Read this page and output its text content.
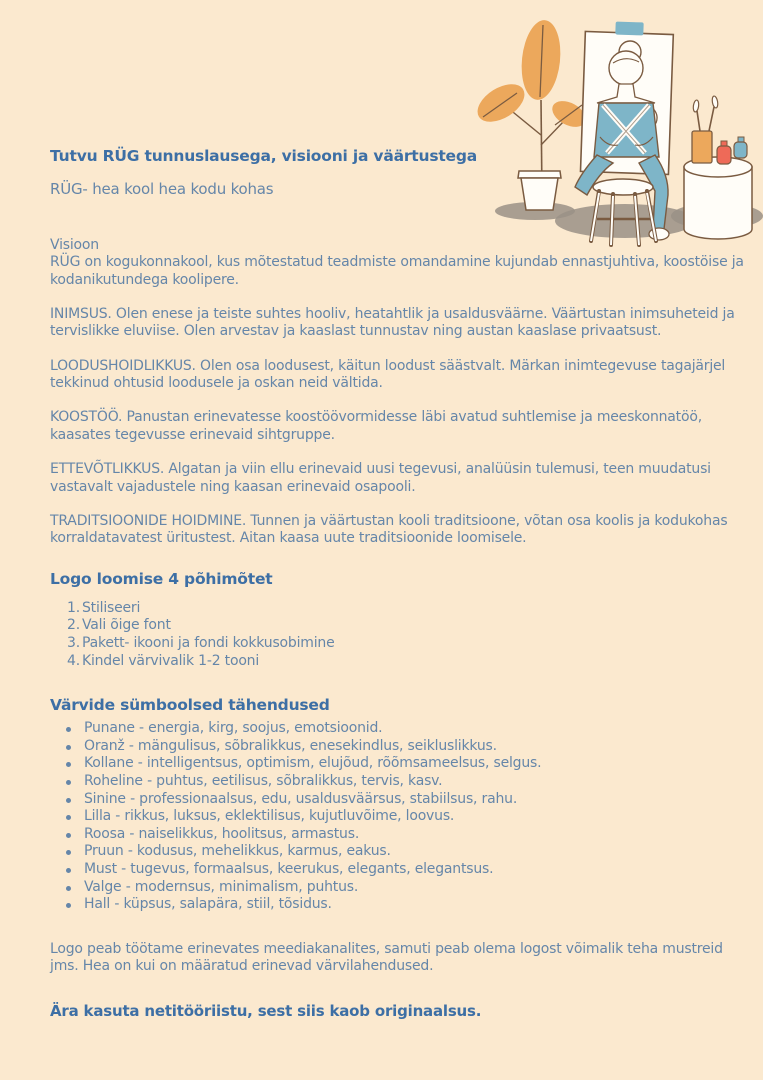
Tutvu RÜG tunnuslausega, visiooni ja väärtustega

RÜG- hea kool hea kodu kohas

Visioon
RÜG on kogukonnakool, kus mõtestatud teadmiste omandamine kujundab ennastjuhtiva, koostöise ja kodanikutundega koolipere.

INIMSUS. Olen enese ja teiste suhtes hooliv, heatahtlik ja usaldusväärne. Väärtustan inimsuheteid ja tervislikke eluviise. Olen arvestav ja kaaslast tunnustav ning austan kaaslase privaatsust.

LOODUSHOIDLIKKUS. Olen osa loodusest, käitun loodust säästvalt. Märkan inimtegevuse tagajärjel tekkinud ohtusid loodusele ja oskan neid vältida.

KOOSTÖÖ. Panustan erinevatesse koostöövormidesse läbi avatud suhtlemise ja meeskonnatöö, kaasates tegevusse erinevaid sihtgruppe.

ETTEVÕTLIKKUS. Algatan ja viin ellu erinevaid uusi tegevusi, analüüsin tulemusi, teen muudatusi vastavalt vajadustele ning kaasan erinevaid osapooli.

TRADITSIOONIDE HOIDMINE. Tunnen ja väärtustan kooli traditsioone, võtan osa koolis ja kodukohas korraldatavatest üritustest. Aitan kaasa uute traditsioonide loomisele.

Logo loomise 4 põhimõtet

1. Stiliseeri
2. Vali õige font
3. Pakett- ikooni ja fondi kokkusobimine
4. Kindel värvivalik 1-2 tooni

Värvide sümboolsed tähendused

Punane - energia, kirg, soojus, emotsioonid.
Oranž - mängulisus, sõbralikkus, enesekindlus, seikluslikkus.
Kollane - intelligentsus, optimism, elujõud, rõõmsameelsus, selgus.
Roheline - puhtus, eetilisus, sõbralikkus, tervis, kasv.
Sinine - professionaalsus, edu, usaldusväärsus, stabiilsus, rahu.
Lilla - rikkus, luksus, eklektilisus, kujutluvõime, loovus.
Roosa - naiselikkus, hoolitsus, armastus.
Pruun - kodusus, mehelikkus, karmus, eakus.
Must - tugevus, formaalsus, keerukus, elegants, elegantsus.
Valge - modernsus, minimalism, puhtus.
Hall - küpsus, salapära, stiil, tõsidus.

Logo peab töötame erinevates meediakanalites, samuti peab olema logost võimalik teha mustreid jms. Hea on kui on määratud erinevad värvilahendused.

Ära kasuta netitööriistu, sest siis kaob originaalsus.
